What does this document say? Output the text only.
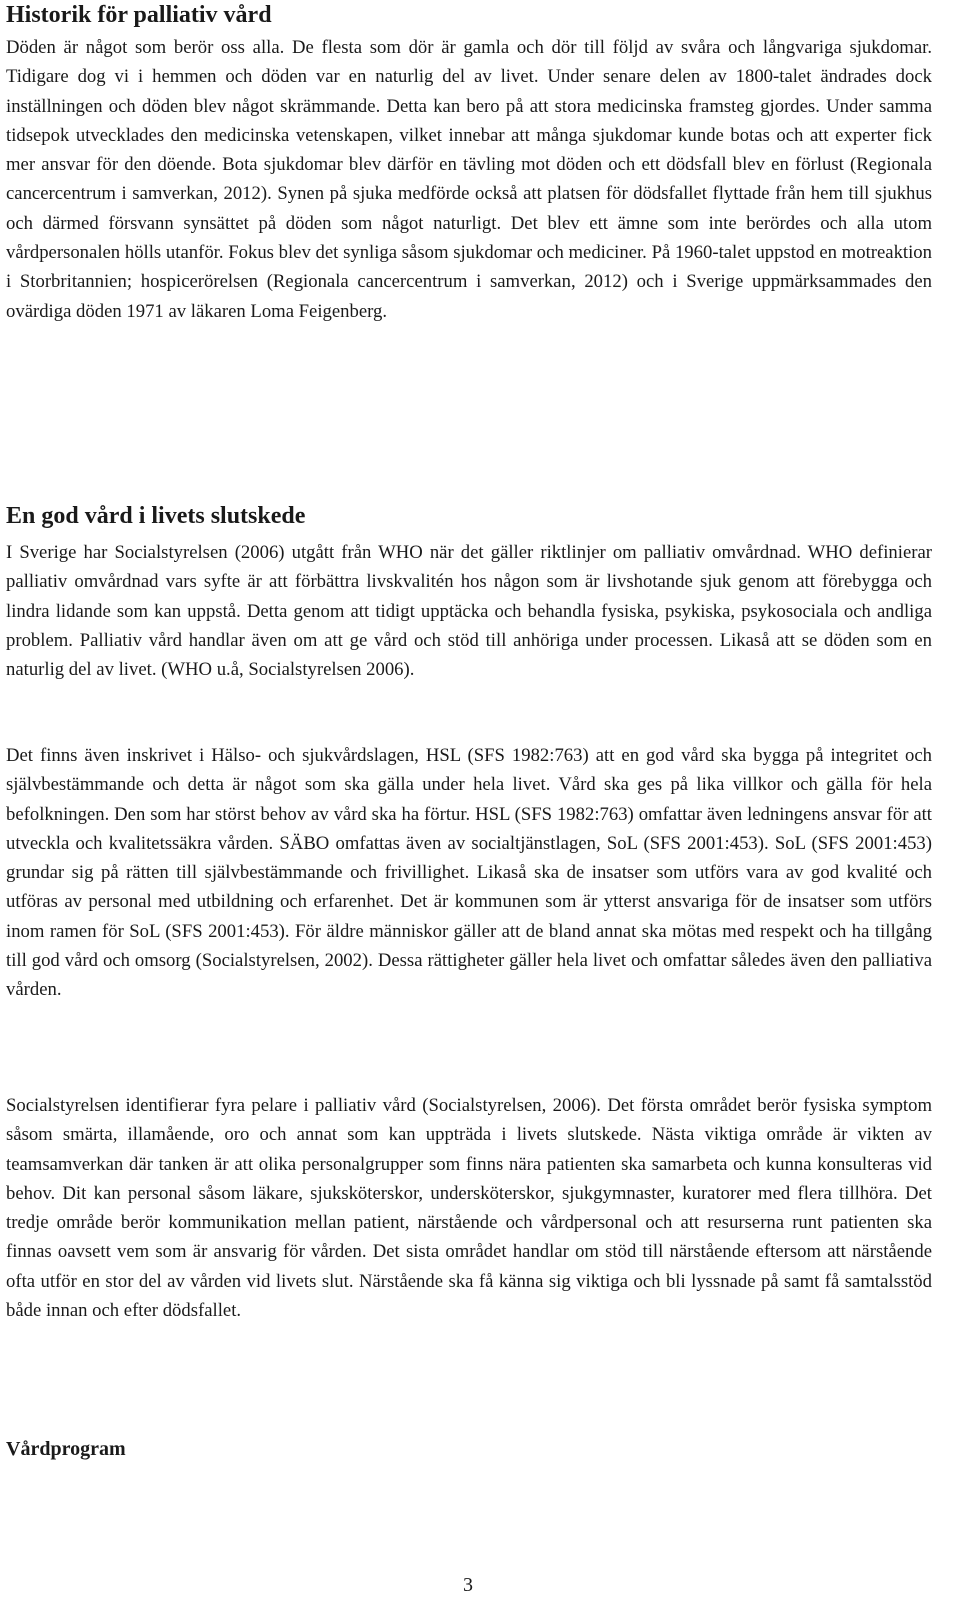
Historik för palliativ vård

Döden är något som berör oss alla. De flesta som dör är gamla och dör till följd av svåra och långvariga sjukdomar. Tidigare dog vi i hemmen och döden var en naturlig del av livet. Under senare delen av 1800-talet ändrades dock inställningen och döden blev något skrämmande. Detta kan bero på att stora medicinska framsteg gjordes. Under samma tidsepok utvecklades den medicinska vetenskapen, vilket innebar att många sjukdomar kunde botas och att experter fick mer ansvar för den döende. Bota sjukdomar blev därför en tävling mot döden och ett dödsfall blev en förlust (Regionala cancercentrum i samverkan, 2012). Synen på sjuka medförde också att platsen för dödsfallet flyttade från hem till sjukhus och därmed försvann synsättet på döden som något naturligt. Det blev ett ämne som inte berördes och alla utom vårdpersonalen hölls utanför. Fokus blev det synliga såsom sjukdomar och mediciner. På 1960-talet uppstod en motreaktion i Storbritannien; hospicerörelsen (Regionala cancercentrum i samverkan, 2012) och i Sverige uppmärksammades den ovärdiga döden 1971 av läkaren Loma Feigenberg.

En god vård i livets slutskede

I Sverige har Socialstyrelsen (2006) utgått från WHO när det gäller riktlinjer om palliativ omvårdnad. WHO definierar palliativ omvårdnad vars syfte är att förbättra livskvalitén hos någon som är livshotande sjuk genom att förebygga och lindra lidande som kan uppstå. Detta genom att tidigt upptäcka och behandla fysiska, psykiska, psykosociala och andliga problem. Palliativ vård handlar även om att ge vård och stöd till anhöriga under processen. Likaså att se döden som en naturlig del av livet. (WHO u.å, Socialstyrelsen 2006).

Det finns även inskrivet i Hälso- och sjukvårdslagen, HSL (SFS 1982:763) att en god vård ska bygga på integritet och självbestämmande och detta är något som ska gälla under hela livet. Vård ska ges på lika villkor och gälla för hela befolkningen. Den som har störst behov av vård ska ha förtur. HSL (SFS 1982:763) omfattar även ledningens ansvar för att utveckla och kvalitetssäkra vården. SÄBO omfattas även av socialtjänstlagen, SoL (SFS 2001:453). SoL (SFS 2001:453) grundar sig på rätten till självbestämmande och frivillighet. Likaså ska de insatser som utförs vara av god kvalité och utföras av personal med utbildning och erfarenhet. Det är kommunen som är ytterst ansvariga för de insatser som utförs inom ramen för SoL (SFS 2001:453). För äldre människor gäller att de bland annat ska mötas med respekt och ha tillgång till god vård och omsorg (Socialstyrelsen, 2002). Dessa rättigheter gäller hela livet och omfattar således även den palliativa vården.

Socialstyrelsen identifierar fyra pelare i palliativ vård (Socialstyrelsen, 2006). Det första området berör fysiska symptom såsom smärta, illamående, oro och annat som kan uppträda i livets slutskede. Nästa viktiga område är vikten av teamsamverkan där tanken är att olika personalgrupper som finns nära patienten ska samarbeta och kunna konsulteras vid behov. Dit kan personal såsom läkare, sjuksköterskor, undersköterskor, sjukgymnaster, kuratorer med flera tillhöra. Det tredje område berör kommunikation mellan patient, närstående och vårdpersonal och att resurserna runt patienten ska finnas oavsett vem som är ansvarig för vården. Det sista området handlar om stöd till närstående eftersom att närstående ofta utför en stor del av vården vid livets slut. Närstående ska få känna sig viktiga och bli lyssnade på samt få samtalsstöd både innan och efter dödsfallet.

Vårdprogram
3
